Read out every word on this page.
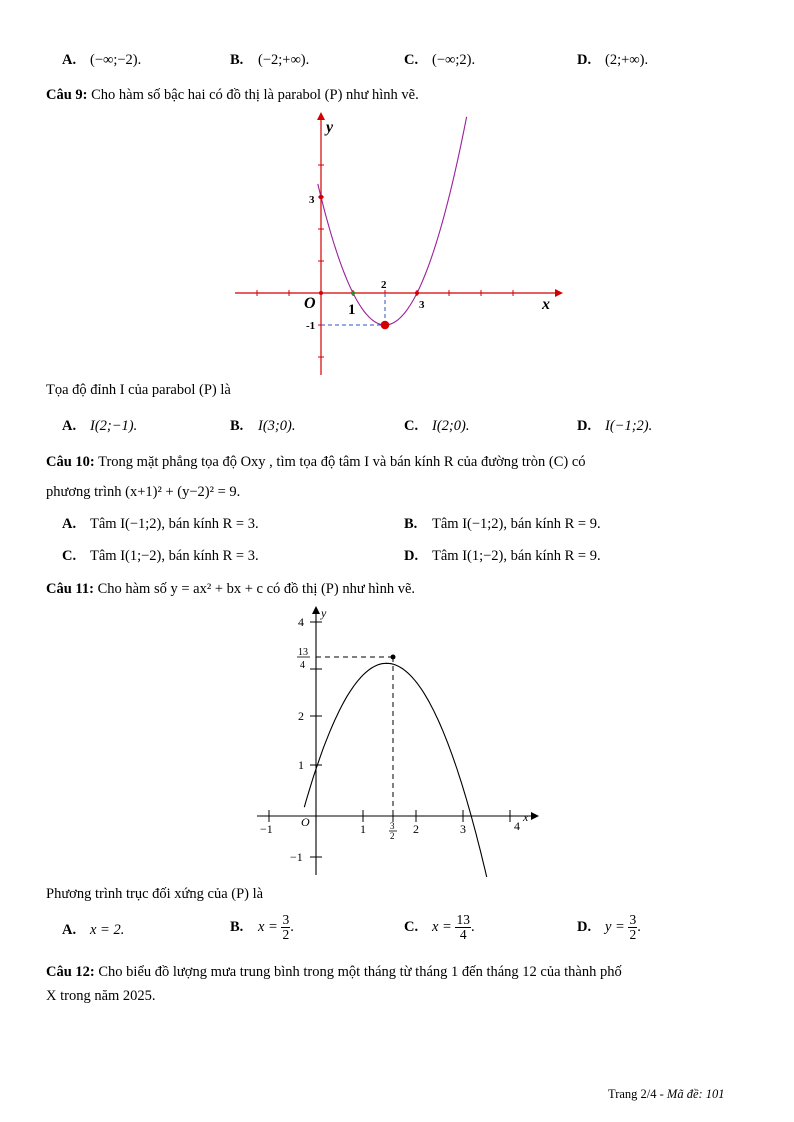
A. (−∞;−2).	B. (−2;+∞).	C. (−∞;2).	D. (2;+∞).
Câu 9: Cho hàm số bậc hai có đồ thị là parabol (P) như hình vẽ.
y
x
O
3
2
1	3
-1
Tọa độ đỉnh I của parabol (P) là
A. I(2;−1).	B. I(3;0).	C. I(2;0).	D. I(−1;2).
Câu 10: Trong mặt phẳng tọa độ Oxy , tìm tọa độ tâm I và bán kính R của đường tròn (C) có
phương trình (x+1)² + (y−2)² = 9.
A. Tâm I(−1;2), bán kính R = 3.	B. Tâm I(−1;2), bán kính R = 9.
C. Tâm I(1;−2), bán kính R = 3.	D. Tâm I(1;−2), bán kính R = 9.
Câu 11: Cho hàm số y = ax² + bx + c có đồ thị (P) như hình vẽ.
y
x
O
4
13
4
2
1
−1
−1	1	3
2 2	3	4
Phương trình trục đối xứng của (P) là
A. x = 2.	B. $x = \frac{3}{2}$ .	C. $x = \frac{13}{4}$ .	D. $y = \frac{3}{2}$ .
Câu 12: Cho biểu đồ lượng mưa trung bình trong một tháng từ tháng 1 đến tháng 12 của thành phố
X trong năm 2025.
Trang 2/4 - Mã đề: 101
